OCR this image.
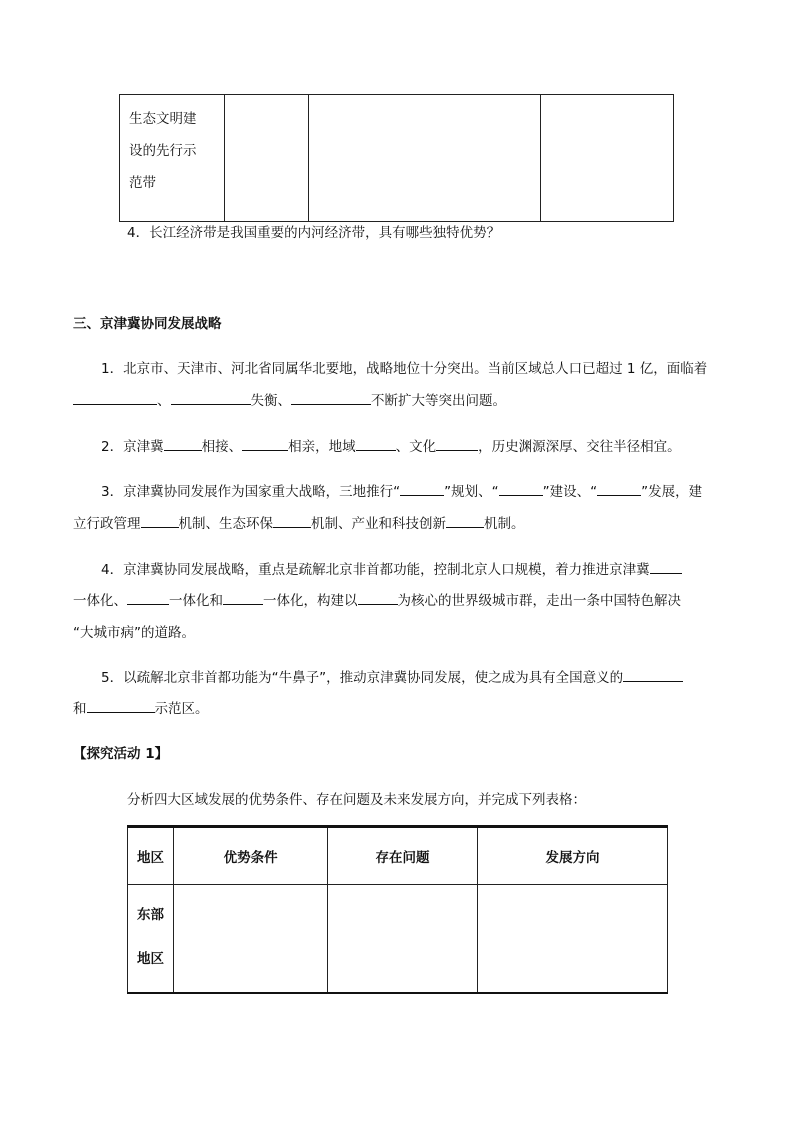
生态文明建
设的先行示
范带

4．长江经济带是我国重要的内河经济带，具有哪些独特优势？
三、京津冀协同发展战略
1．北京市、天津市、河北省同属华北要地，战略地位十分突出。当前区域总人口已超过 1 亿，面临着
、	失衡、	不断扩大等突出问题。
2．京津冀	相接、	相亲，地域	、文化	，历史渊源深厚、交往半径相宜。
3．京津冀协同发展作为国家重大战略，三地推行“	”规划、“	”建设、“	”发展，建
立行政管理	机制、生态环保	机制、产业和科技创新	机制。
4．京津冀协同发展战略，重点是疏解北京非首都功能，控制北京人口规模，着力推进京津冀
一体化、	一体化和	一体化，构建以	为核心的世界级城市群，走出一条中国特色解决
“大城市病”的道路。
5．以疏解北京非首都功能为“牛鼻子”，推动京津冀协同发展，使之成为具有全国意义的
和	示范区。
【探究活动 1】
分析四大区域发展的优势条件、存在问题及未来发展方向，并完成下列表格：
地区	优势条件	存在问题	发展方向

东部
地区			
